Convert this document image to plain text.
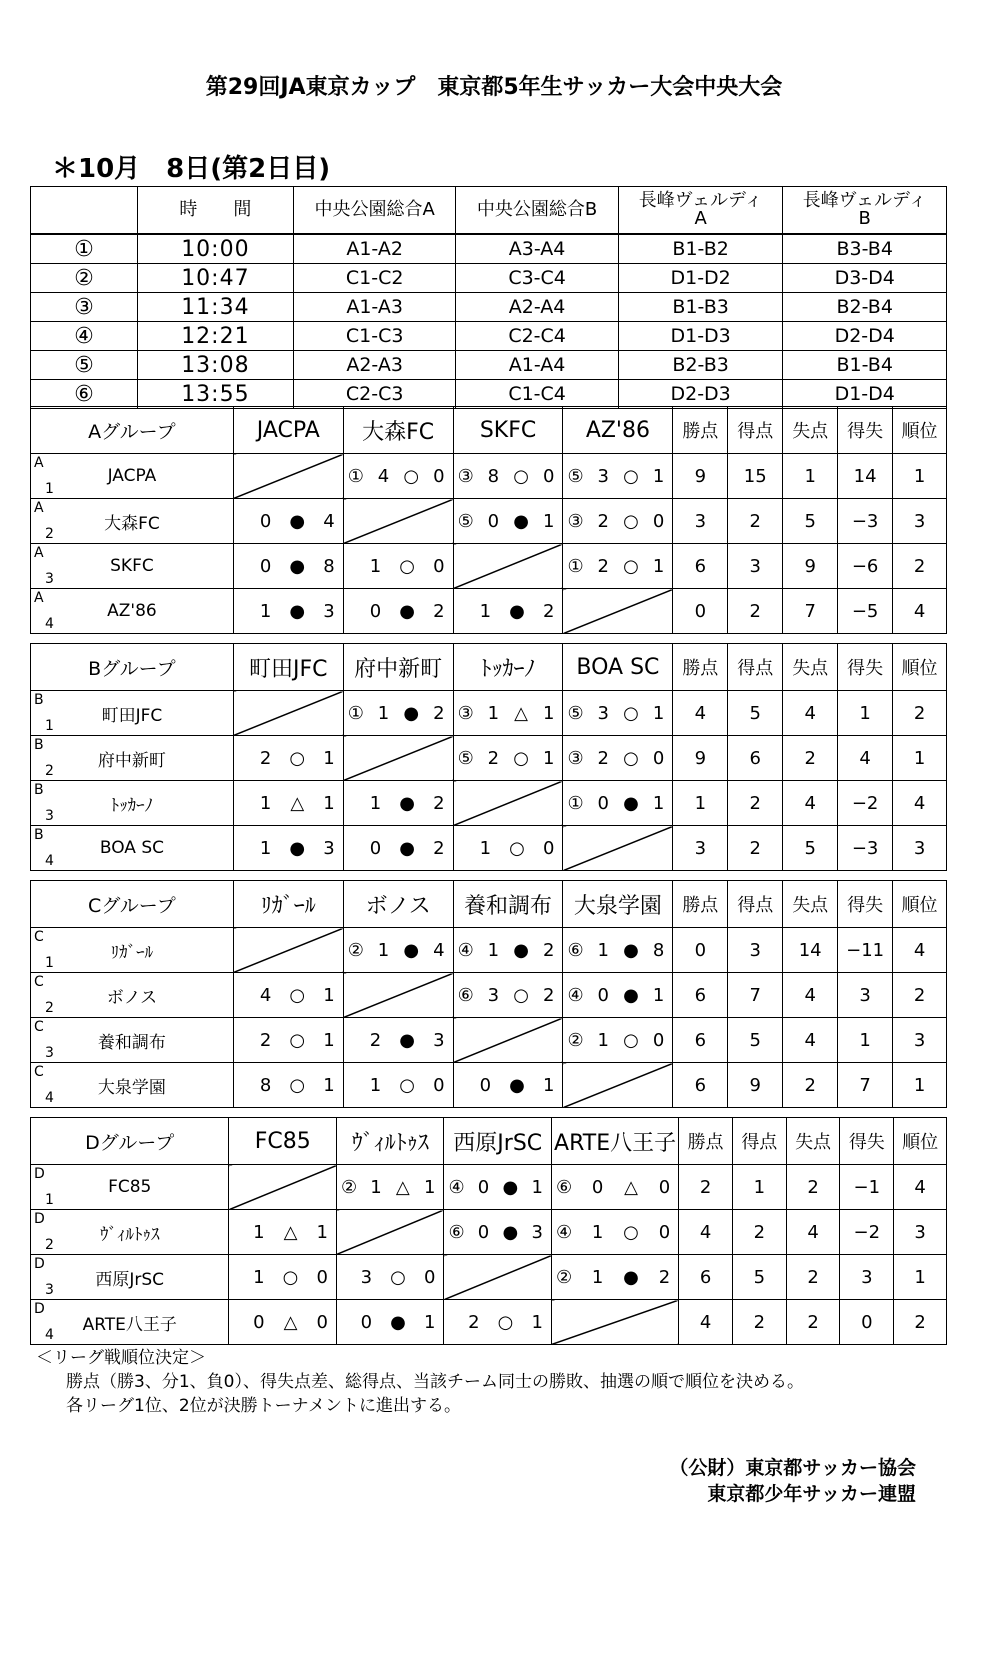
第29回JA東京カップ　東京都5年生サッカー大会中央大会
＊10月　8日(第2日目)
	時　　間	中央公園総合A	中央公園総合B	長峰ヴェルディ
A	長峰ヴェルディ
B
①	10:00	A1-A2	A3-A4	B1-B2	B3-B4
②	10:47	C1-C2	C3-C4	D1-D2	D3-D4
③	11:34	A1-A3	A2-A4	B1-B3	B2-B4
④	12:21	C1-C3	C2-C4	D1-D3	D2-D4
⑤	13:08	A2-A3	A1-A4	B2-B3	B1-B4
⑥	13:55	C2-C3	C1-C4	D2-D3	D1-D4
Aグループ	JACPA	大森FC	SKFC	AZ'86	勝点	得点	失点	得失	順位

A
1
JACPA		① 4 ○ 0	③ 8 ○ 0	⑤ 3 ○ 1	9	15	1	14	1

A
2
大森FC	0 ● 4		⑤ 0 ● 1	③ 2 ○ 0	3	2	5	−3	3

A
3
SKFC	0 ● 8	1 ○ 0		① 2 ○ 1	6	3	9	−6	2

A
4
AZ'86	1 ● 3	0 ● 2	1 ● 2		0	2	7	−5	4
Bグループ	町田JFC	府中新町	ﾄｯｶｰﾉ	BOA SC	勝点	得点	失点	得失	順位

B
1
町田JFC		① 1 ● 2	③ 1 △ 1	⑤ 3 ○ 1	4	5	4	1	2

B
2
府中新町	2 ○ 1		⑤ 2 ○ 1	③ 2 ○ 0	9	6	2	4	1

B
3
ﾄｯｶｰﾉ	1 △ 1	1 ● 2		① 0 ● 1	1	2	4	−2	4

B
4
BOA SC	1 ● 3	0 ● 2	1 ○ 0		3	2	5	−3	3
Cグループ	ﾘｶﾞｰﾙ	ボノス	養和調布	大泉学園	勝点	得点	失点	得失	順位

C
1
ﾘｶﾞｰﾙ		② 1 ● 4	④ 1 ● 2	⑥ 1 ● 8	0	3	14	−11	4

C
2
ボノス	4 ○ 1		⑥ 3 ○ 2	④ 0 ● 1	6	7	4	3	2

C
3
養和調布	2 ○ 1	2 ● 3		② 1 ○ 0	6	5	4	1	3

C
4
大泉学園	8 ○ 1	1 ○ 0	0 ● 1		6	9	2	7	1
Dグループ	FC85	ｳﾞｨﾙﾄｩｽ	西原JrSC	ARTE八王子	勝点	得点	失点	得失	順位

D
1
FC85		② 1 △ 1	④ 0 ● 1	⑥ 0 △ 0	2	1	2	−1	4

D
2
ｳﾞｨﾙﾄｩｽ	1 △ 1		⑥ 0 ● 3	④ 1 ○ 0	4	2	4	−2	3

D
3
西原JrSC	1 ○ 0	3 ○ 0		② 1 ● 2	6	5	2	3	1

D
4
ARTE八王子	0 △ 0	0 ● 1	2 ○ 1		4	2	2	0	2
＜リーグ戦順位決定＞
勝点（勝3、分1、負0）、得失点差、総得点、当該チーム同士の勝敗、抽選の順で順位を決める。
各リーグ1位、2位が決勝トーナメントに進出する。
（公財）東京都サッカー協会
東京都少年サッカー連盟
